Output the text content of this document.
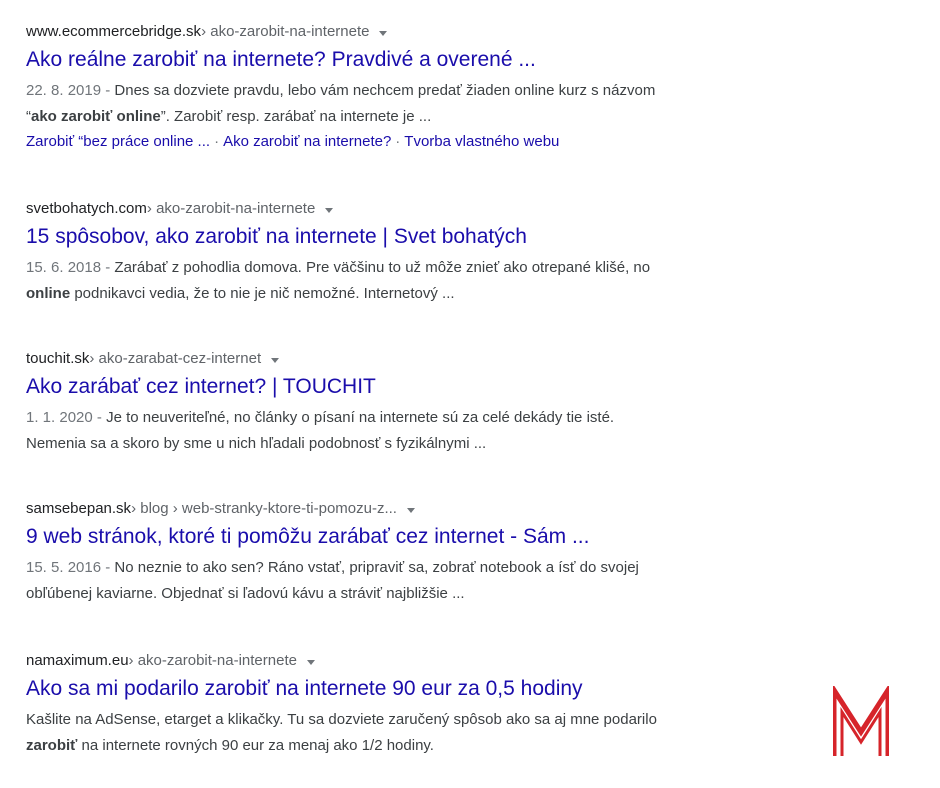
www.ecommercebridge.sk › ako-zarobit-na-internete
Ako reálne zarobiť na internete? Pravdivé a overené ...
22. 8. 2019 - Dnes sa dozviete pravdu, lebo vám nechcem predať žiaden online kurz s názvom
“ako zarobiť online”. Zarobiť resp. zarábať na internete je ...
Zarobiť “bez práce online ... · Ako zarobiť na internete? · Tvorba vlastného webu
svetbohatych.com › ako-zarobit-na-internete
15 spôsobov, ako zarobiť na internete | Svet bohatých
15. 6. 2018 - Zarábať z pohodlia domova. Pre väčšinu to už môže znieť ako otrepané klišé, no
online podnikavci vedia, že to nie je nič nemožné. Internetový ...
touchit.sk › ako-zarabat-cez-internet
Ako zarábať cez internet? | TOUCHIT
1. 1. 2020 - Je to neuveriteľné, no články o písaní na internete sú za celé dekády tie isté.
Nemenia sa a skoro by sme u nich hľadali podobnosť s fyzikálnymi ...
samsebepan.sk › blog › web-stranky-ktore-ti-pomozu-z...
9 web stránok, ktoré ti pomôžu zarábať cez internet - Sám ...
15. 5. 2016 - No neznie to ako sen? Ráno vstať, pripraviť sa, zobrať notebook a ísť do svojej
obľúbenej kaviarne. Objednať si ľadovú kávu a stráviť najbližšie ...
namaximum.eu › ako-zarobit-na-internete
Ako sa mi podarilo zarobiť na internete 90 eur za 0,5 hodiny
Kašlite na AdSense, etarget a klikačky. Tu sa dozviete zaručený spôsob ako sa aj mne podarilo
zarobiť na internete rovných 90 eur za menaj ako 1/2 hodiny.
